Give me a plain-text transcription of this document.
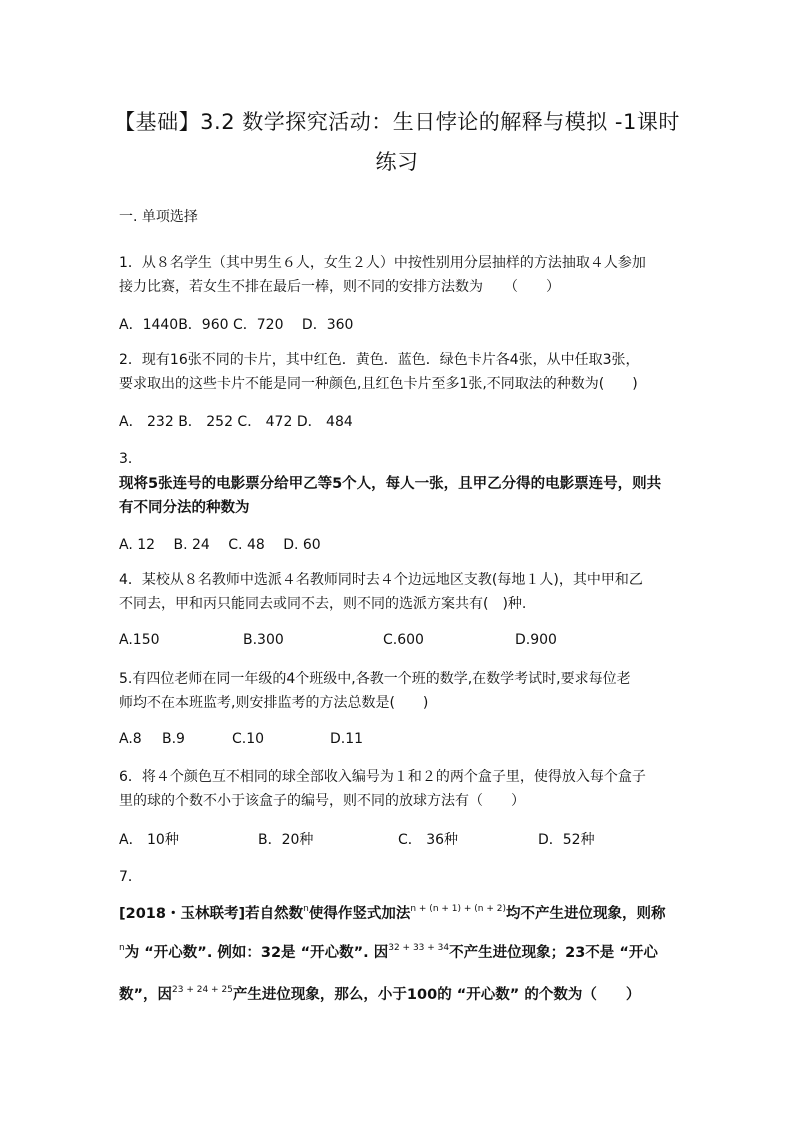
【基础】3.2 数学探究活动：生日悖论的解释与模拟 -1课时
练习
一. 单项选择
1．从８名学生（其中男生６人，女生２人）中按性别用分层抽样的方法抽取４人参加
接力比赛，若女生不排在最后一棒，则不同的安排方法数为　　（　　）
A．1440B．960 C．720　 D．360
2．现有16张不同的卡片，其中红色．黄色．蓝色．绿色卡片各4张，从中任取3张，
要求取出的这些卡片不能是同一种颜色,且红色卡片至多1张,不同取法的种数为(　　)
A． 232 B． 252 C． 472 D． 484
3．
现将5张连号的电影票分给甲乙等5个人，每人一张，且甲乙分得的电影票连号，则共
有不同分法的种数为
A. 12　 B. 24　 C. 48　 D. 60
4．某校从８名教师中选派４名教师同时去４个边远地区支教(每地１人)，其中甲和乙
不同去，甲和丙只能同去或同不去，则不同的选派方案共有(　)种.
A.150	B.300	C.600	D.900
5.有四位老师在同一年级的4个班级中,各教一个班的数学,在数学考试时,要求每位老
师均不在本班监考,则安排监考的方法总数是(　　)
A.8 B.9	C.10	D.11
6．将４个颜色互不相同的球全部收入编号为１和２的两个盒子里，使得放入每个盒子
里的球的个数不小于该盒子的编号，则不同的放球方法有（　　）
A． 10种	B．20种	C． 36种	D．52种
7．
[2018・玉林联考]若自然数$^n$使得作竖式加法$^{n + (n + 1) + (n + 2)}$均不产生进位现象，则称
$^n$为 “开心数”. 例如：32是 “开心数”. 因$^{32 + 33 + 34}$不产生进位现象；23不是 “开心
数”，因$^{23 + 24 + 25}$产生进位现象，那么，小于100的 “开心数” 的个数为（　　）
